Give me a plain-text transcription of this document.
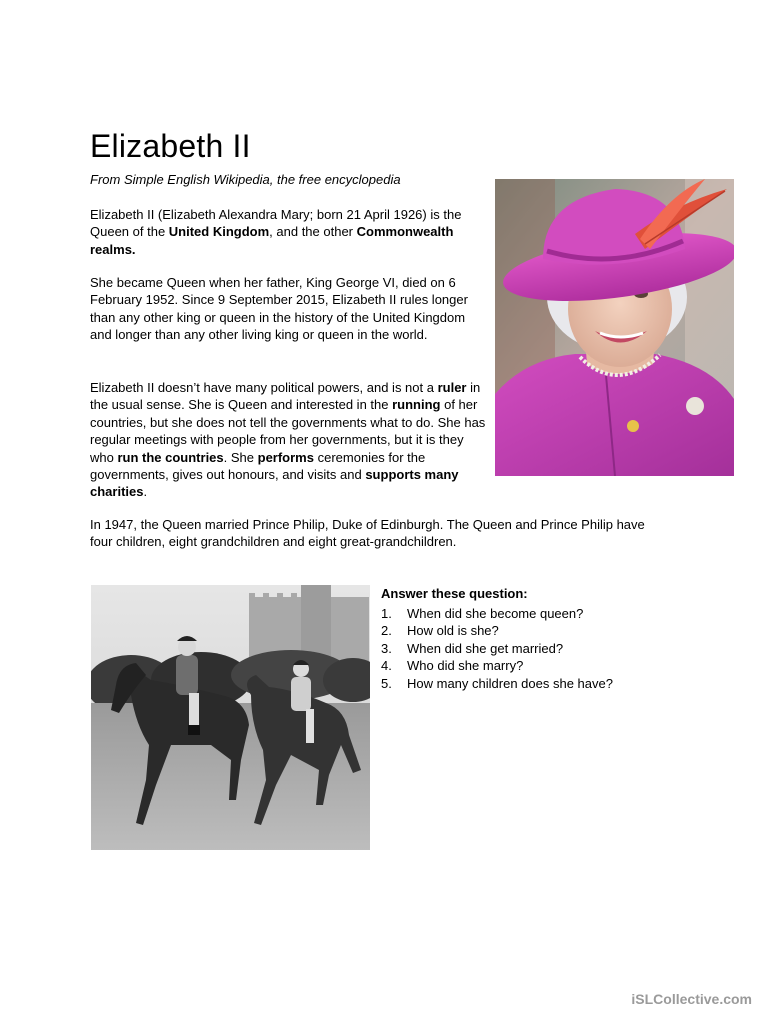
Elizabeth II

From Simple English Wikipedia, the free encyclopedia

Elizabeth II (Elizabeth Alexandra Mary; born 21 April 1926) is the Queen of the United Kingdom, and the other Commonwealth realms.

She became Queen when her father, King George VI, died on 6 February 1952. Since 9 September 2015, Elizabeth II rules longer than any other king or queen in the history of the United Kingdom and longer than any other living king or queen in the world.

Elizabeth II doesn’t have many political powers, and is not a ruler in the usual sense. She is Queen and interested in the running of her countries, but she does not tell the governments what to do. She has regular meetings with people from her governments, but it is they who run the countries. She performs ceremonies for the governments, gives out honours, and visits and supports many charities.

In 1947, the Queen married Prince Philip, Duke of Edinburgh. The Queen and Prince Philip have four children, eight grandchildren and eight great-grandchildren.

Answer these question:

1.	When did she become queen?
2.	How old is she?
3.	When did she get married?
4.	Who did she marry?
5.	How many children does she have?
iSLCollective.com
